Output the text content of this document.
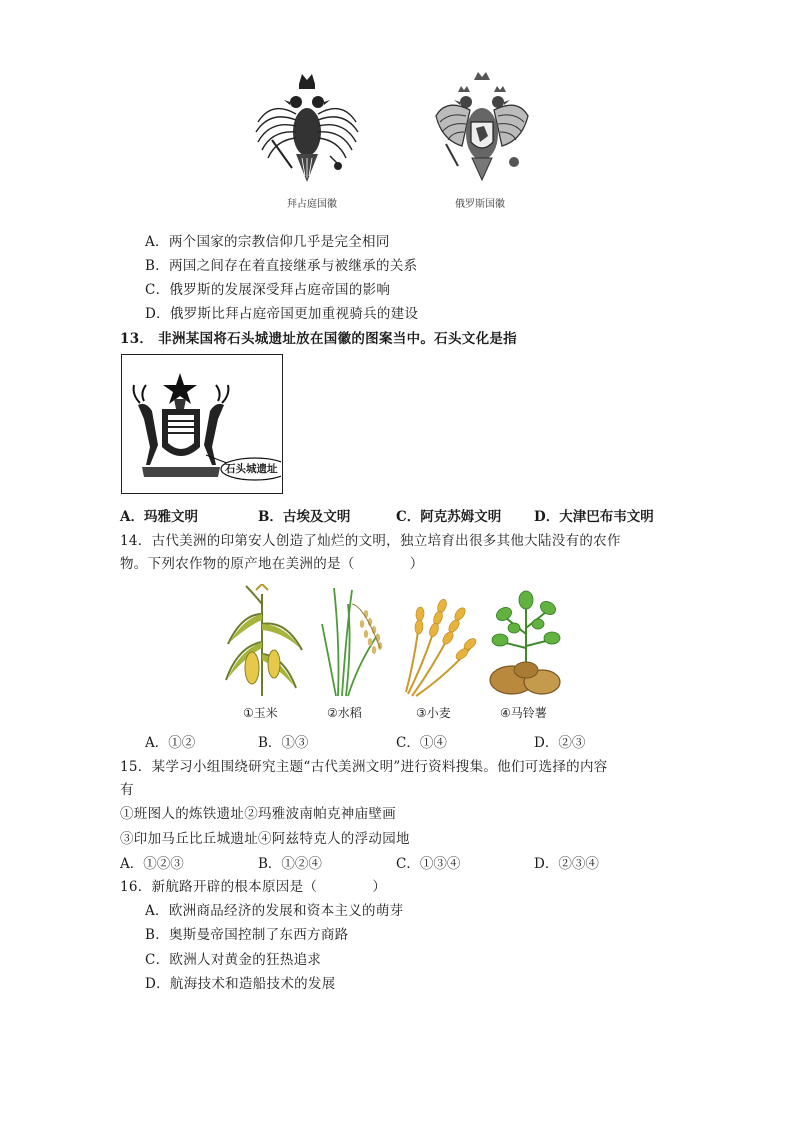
拜占庭国徽	俄罗斯国徽
A．两个国家的宗教信仰几乎是完全相同
B．两国之间存在着直接继承与被继承的关系
C．俄罗斯的发展深受拜占庭帝国的影响
D．俄罗斯比拜占庭帝国更加重视骑兵的建设
13． 非洲某国将石头城遗址放在国徽的图案当中。石头文化是指
石头城遗址
A．玛雅文明	B．古埃及文明	C．阿克苏姆文明 D．大津巴布韦文明
14．古代美洲的印第安人创造了灿烂的文明，独立培育出很多其他大陆没有的农作
物。下列农作物的原产地在美洲的是（　　　　）
①玉米	②水稻	③小麦	④马铃薯
A．①②	B．①③	C．①④	D．②③
15．某学习小组围绕研究主题“古代美洲文明”进行资料搜集。他们可选择的内容
有
①班图人的炼铁遗址②玛雅波南帕克神庙壁画
③印加马丘比丘城遗址④阿兹特克人的浮动园地
A．①②③	B．①②④	C．①③④	D．②③④
16．新航路开辟的根本原因是（　　　　）
A．欧洲商品经济的发展和资本主义的萌芽
B．奥斯曼帝国控制了东西方商路
C．欧洲人对黄金的狂热追求
D．航海技术和造船技术的发展
